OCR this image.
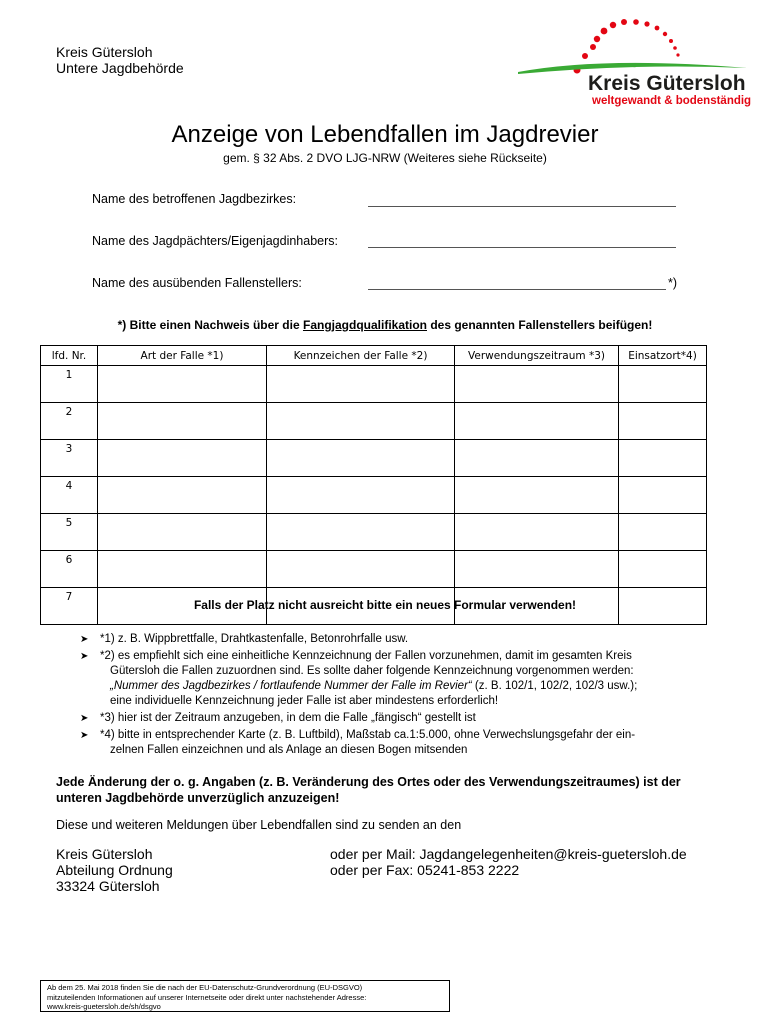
Kreis Gütersloh
Untere Jagdbehörde
Kreis Gütersloh
weltgewandt & bodenständig
Anzeige von Lebendfallen im Jagdrevier
gem. § 32 Abs. 2 DVO LJG-NRW (Weiteres siehe Rückseite)
Name des betroffenen Jagdbezirkes:
Name des Jagdpächters/Eigenjagdinhabers:
Name des ausübenden Fallenstellers:	*)
*) Bitte einen Nachweis über die Fangjagdqualifikation des genannten Fallenstellers beifügen!
lfd. Nr.	Art der Falle *1)	Kennzeichen der Falle *2)	Verwendungszeitraum *3)	Einsatzort*4)
1				
2				
3				
4				
5				
6				
7				
Falls der Platz nicht ausreicht bitte ein neues Formular verwenden!
➤ *1) z. B. Wippbrettfalle, Drahtkastenfalle, Betonrohrfalle usw.
➤ *2) es empfiehlt sich eine einheitliche Kennzeichnung der Fallen vorzunehmen, damit im gesamten Kreis
Gütersloh die Fallen zuzuordnen sind. Es sollte daher folgende Kennzeichnung vorgenommen werden:
„Nummer des Jagdbezirkes / fortlaufende Nummer der Falle im Revier“ (z. B. 102/1, 102/2, 102/3 usw.);
eine individuelle Kennzeichnung jeder Falle ist aber mindestens erforderlich!
➤ *3) hier ist der Zeitraum anzugeben, in dem die Falle „fängisch“ gestellt ist
➤ *4) bitte in entsprechender Karte (z. B. Luftbild), Maßstab ca.1:5.000, ohne Verwechslungsgefahr der ein-
zelnen Fallen einzeichnen und als Anlage an diesen Bogen mitsenden
Jede Änderung der o. g. Angaben (z. B. Veränderung des Ortes oder des Verwendungszeitraumes) ist der
unteren Jagdbehörde unverzüglich anzuzeigen!
Diese und weiteren Meldungen über Lebendfallen sind zu senden an den
Kreis Gütersloh
Abteilung Ordnung
33324 Gütersloh
oder per Mail: Jagdangelegenheiten@kreis-guetersloh.de
oder per Fax: 05241-853 2222
Ab dem 25. Mai 2018 finden Sie die nach der EU-Datenschutz-Grundverordnung (EU-DSGVO)
mitzuteilenden Informationen auf unserer Internetseite oder direkt unter nachstehender Adresse:
www.kreis-guetersloh.de/sh/dsgvo
